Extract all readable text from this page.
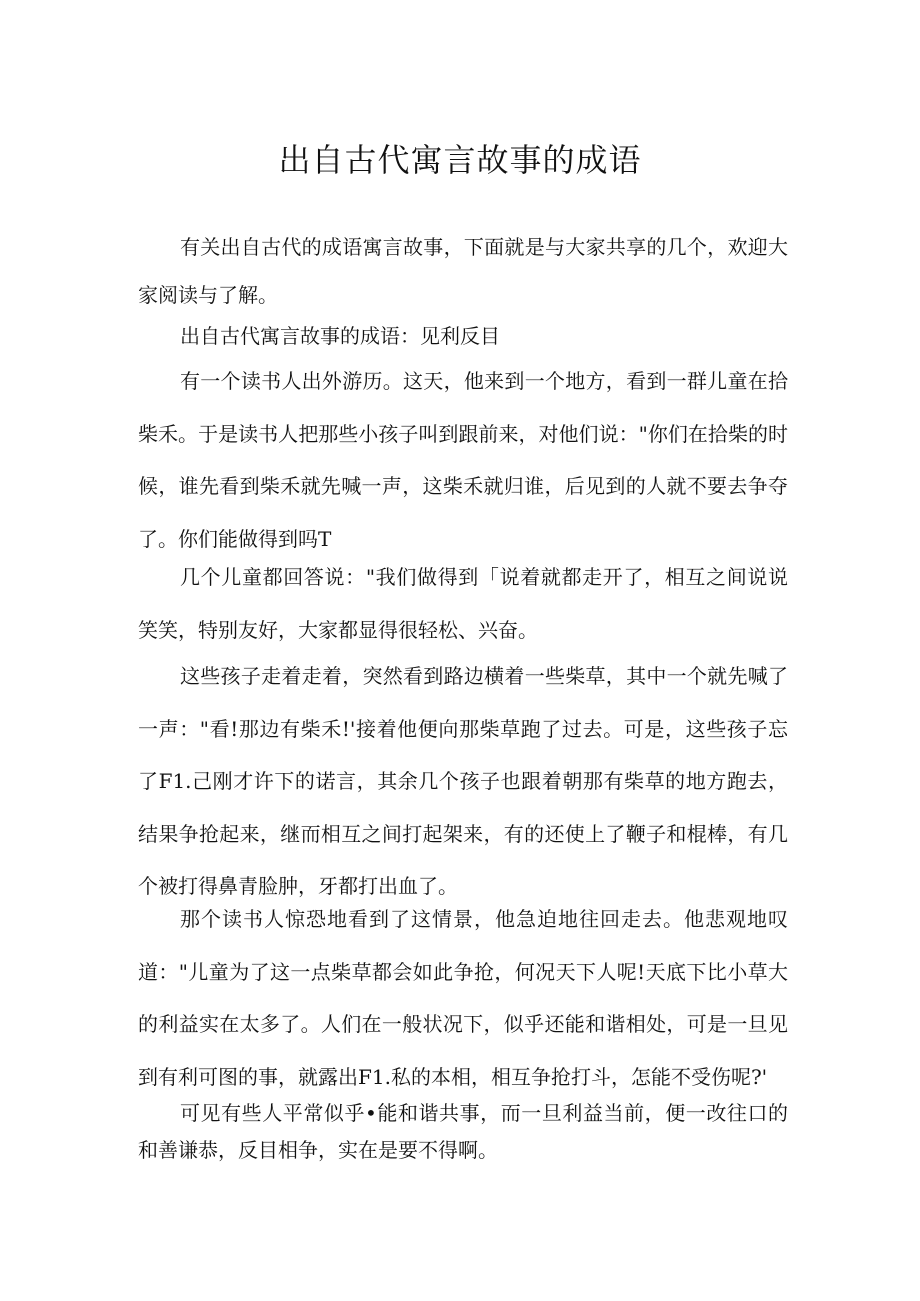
出自古代寓言故事的成语

有关出自古代的成语寓言故事，下面就是与大家共享的几个，欢迎大家阅读与了解。

出自古代寓言故事的成语：见利反目

有一个读书人出外游历。这天，他来到一个地方，看到一群儿童在拾柴禾。于是读书人把那些小孩子叫到跟前来，对他们说："你们在拾柴的时候，谁先看到柴禾就先喊一声，这柴禾就归谁，后见到的人就不要去争夺了。你们能做得到吗T

几个儿童都回答说："我们做得到「说着就都走开了，相互之间说说笑笑，特别友好，大家都显得很轻松、兴奋。

这些孩子走着走着，突然看到路边横着一些柴草，其中一个就先喊了一声："看!那边有柴禾!'接着他便向那柴草跑了过去。可是，这些孩子忘了F1.己刚才许下的诺言，其余几个孩子也跟着朝那有柴草的地方跑去，结果争抢起来，继而相互之间打起架来，有的还使上了鞭子和棍棒，有几个被打得鼻青脸肿，牙都打出血了。

那个读书人惊恐地看到了这情景，他急迫地往回走去。他悲观地叹道："儿童为了这一点柴草都会如此争抢，何况天下人呢!天底下比小草大的利益实在太多了。人们在一般状况下，似乎还能和谐相处，可是一旦见到有利可图的事，就露出F1.私的本相，相互争抢打斗，怎能不受伤呢?'

可见有些人平常似乎•能和谐共事，而一旦利益当前，便一改往口的和善谦恭，反目相争，实在是要不得啊。
